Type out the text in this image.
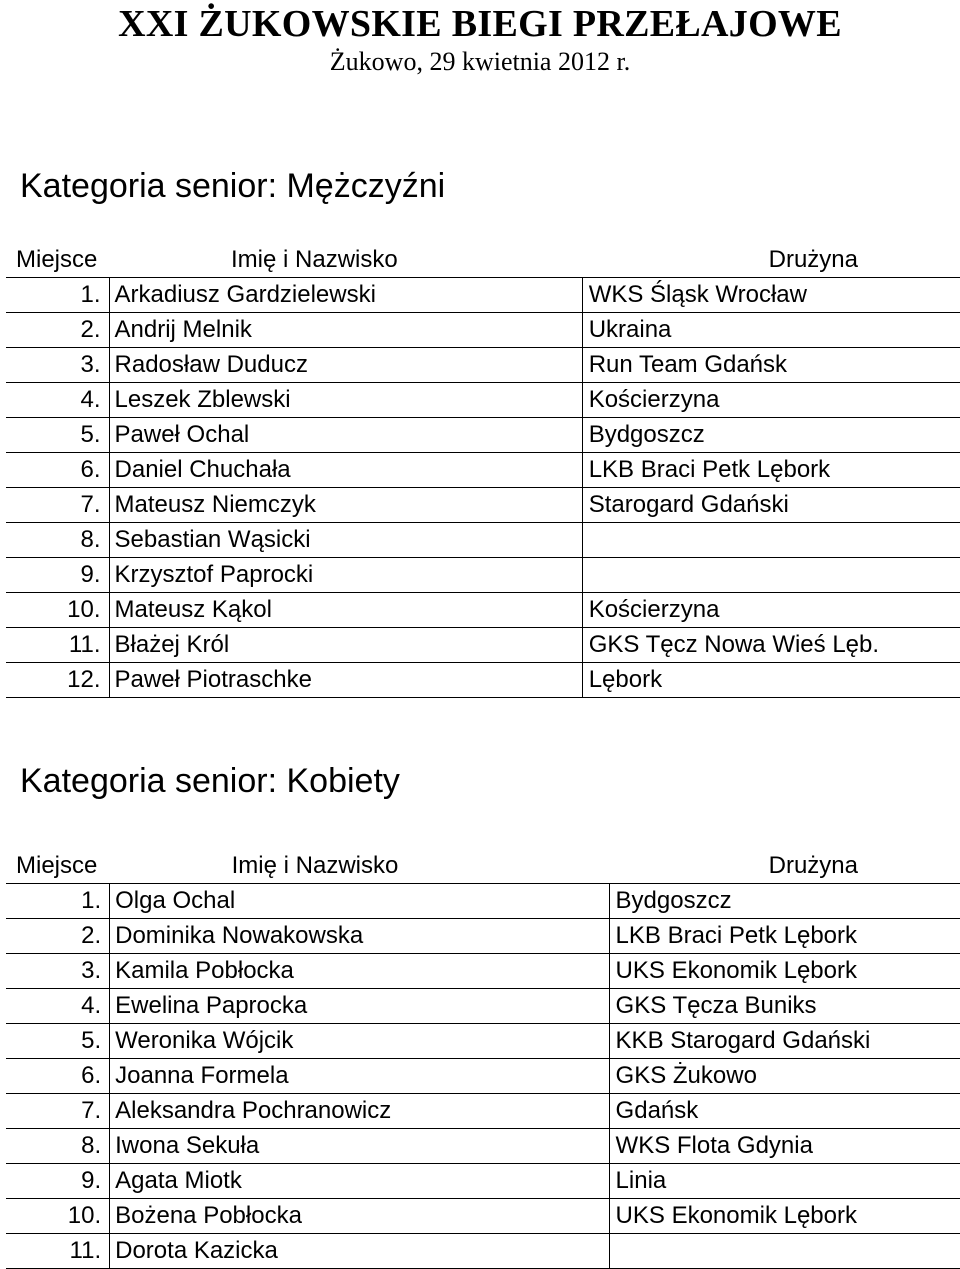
XXI ŻUKOWSKIE BIEGI PRZEŁAJOWE

Żukowo, 29 kwietnia 2012 r.

Kategoria senior: Mężczyźni
Miejsce	Imię i Nazwisko	Drużyna
1.	Arkadiusz Gardzielewski	WKS Śląsk Wrocław
2.	Andrij Melnik	Ukraina
3.	Radosław Duducz	Run Team Gdańsk
4.	Leszek Zblewski	Kościerzyna
5.	Paweł Ochal	Bydgoszcz
6.	Daniel Chuchała	LKB Braci Petk Lębork
7.	Mateusz Niemczyk	Starogard Gdański
8.	Sebastian Wąsicki	
9.	Krzysztof Paprocki	
10.	Mateusz Kąkol	Kościerzyna
11.	Błażej Król	GKS Tęcz Nowa Wieś Lęb.
12.	Paweł Piotraschke	Lębork
Kategoria senior: Kobiety
Miejsce	Imię i Nazwisko	Drużyna
1.	Olga Ochal	Bydgoszcz
2.	Dominika Nowakowska	LKB Braci Petk Lębork
3.	Kamila Pobłocka	UKS Ekonomik Lębork
4.	Ewelina Paprocka	GKS Tęcza Buniks
5.	Weronika Wójcik	KKB Starogard Gdański
6.	Joanna Formela	GKS Żukowo
7.	Aleksandra Pochranowicz	Gdańsk
8.	Iwona Sekuła	WKS Flota Gdynia
9.	Agata Miotk	Linia
10.	Bożena Pobłocka	UKS Ekonomik Lębork
11.	Dorota Kazicka	
